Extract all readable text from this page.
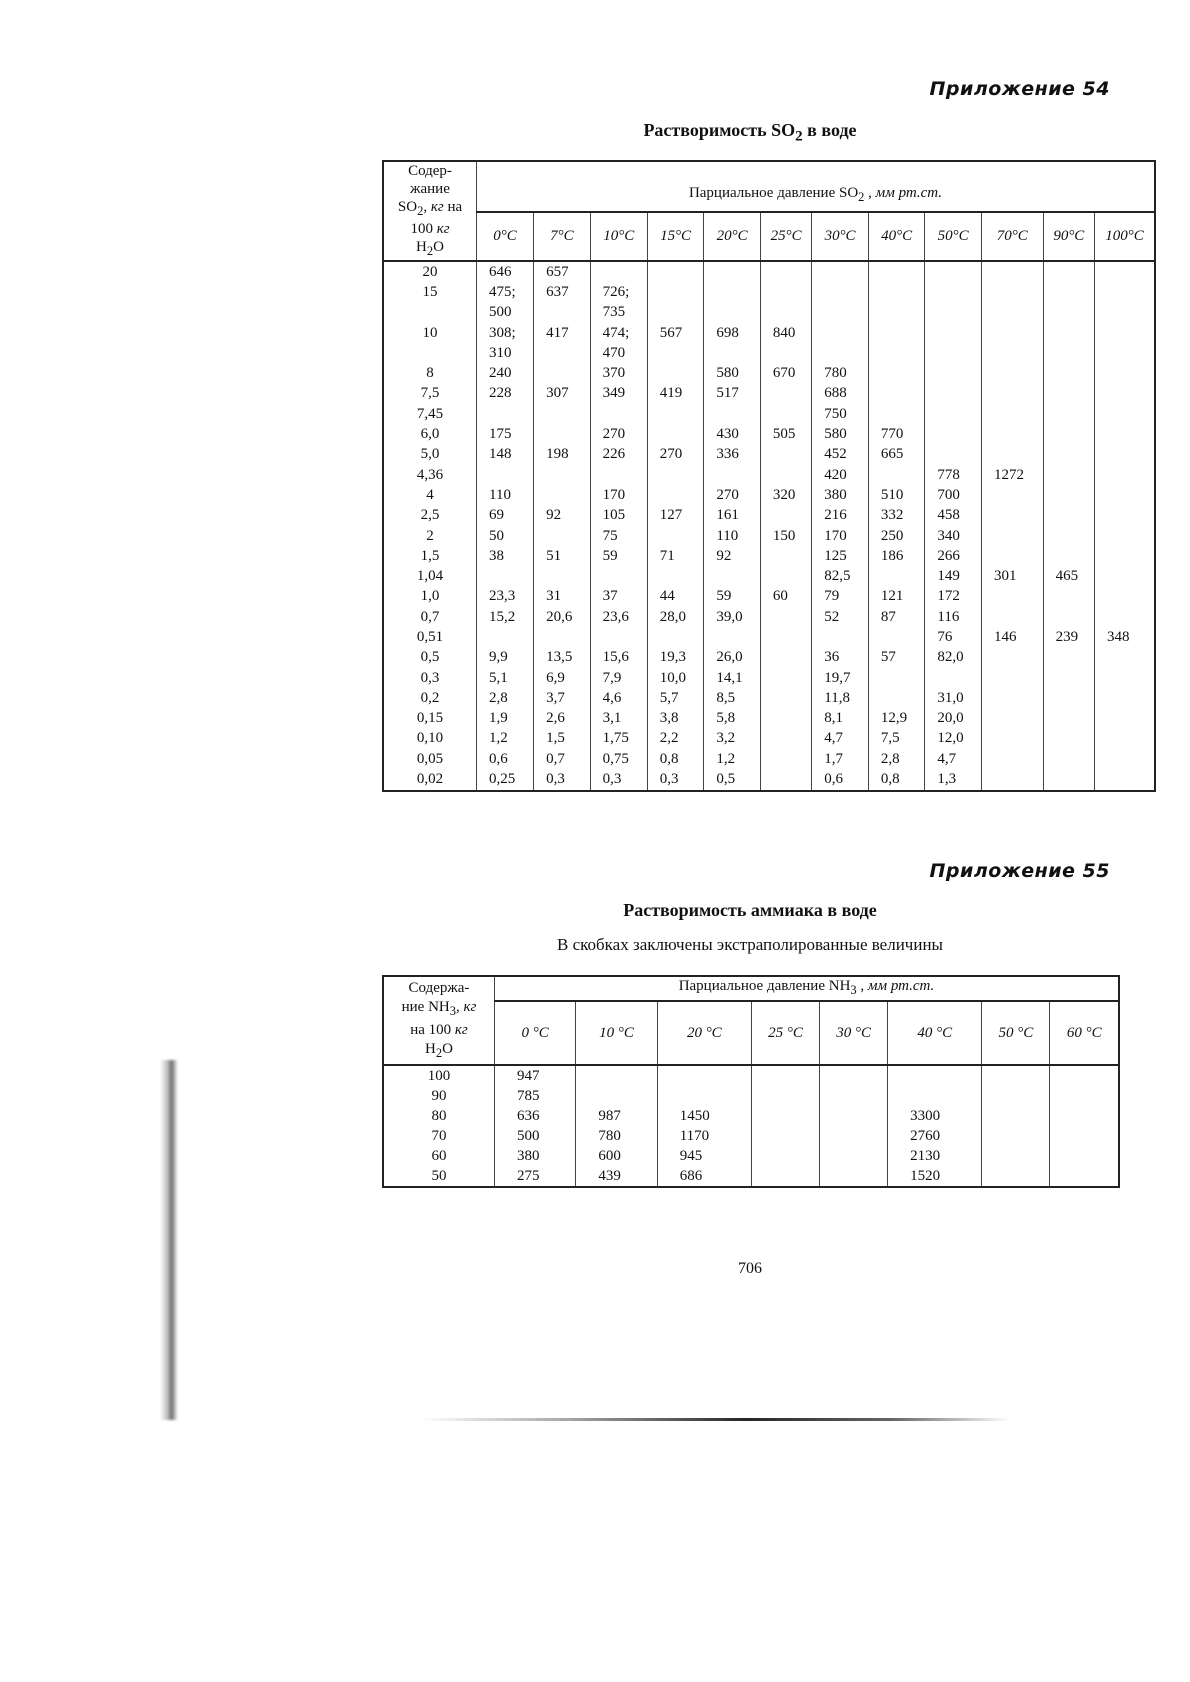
Приложение 54
Растворимость $SO_2$ в воде
Содер-
жание
$SO_2$, кг на
100 кг
$H_2O$	Парциальное давление $SO_2$ , мм рт.ст.											
	0°C	7°C	10°C	15°C	20°C	25°C	30°C	40°C	50°C	70°C	90°C	100°C
20	646	657										
15	475;	637	726;									
	500		735									
10	308;	417	474;	567	698	840						
	310		470									
8	240		370		580	670	780					
7,5	228	307	349	419	517		688					
7,45							750					
6,0	175		270		430	505	580	770				
5,0	148	198	226	270	336		452	665				
4,36							420		778	1272		
4	110		170		270	320	380	510	700			
2,5	69	92	105	127	161		216	332	458			
2	50		75		110	150	170	250	340			
1,5	38	51	59	71	92		125	186	266			
1,04							82,5		149	301	465	
1,0	23,3	31	37	44	59	60	79	121	172			
0,7	15,2	20,6	23,6	28,0	39,0		52	87	116			
0,51									76	146	239	348
0,5	9,9	13,5	15,6	19,3	26,0		36	57	82,0			
0,3	5,1	6,9	7,9	10,0	14,1		19,7					
0,2	2,8	3,7	4,6	5,7	8,5		11,8		31,0			
0,15	1,9	2,6	3,1	3,8	5,8		8,1	12,9	20,0			
0,10	1,2	1,5	1,75	2,2	3,2		4,7	7,5	12,0			
0,05	0,6	0,7	0,75	0,8	1,2		1,7	2,8	4,7			
0,02	0,25	0,3	0,3	0,3	0,5		0,6	0,8	1,3			
Приложение 55
Растворимость аммиака в воде
В скобках заключены экстраполированные величины
Содержа-
ние $NH_3$, кг
на 100 кг
$H_2O$	Парциальное давление $NH_3$ , мм рт.ст.							
	0 °C	10 °C	20 °C	25 °C	30 °C	40 °C	50 °C	60 °C
100	947							
90	785							
80	636	987	1450			3300		
70	500	780	1170			2760		
60	380	600	945			2130		
50	275	439	686			1520		
706
